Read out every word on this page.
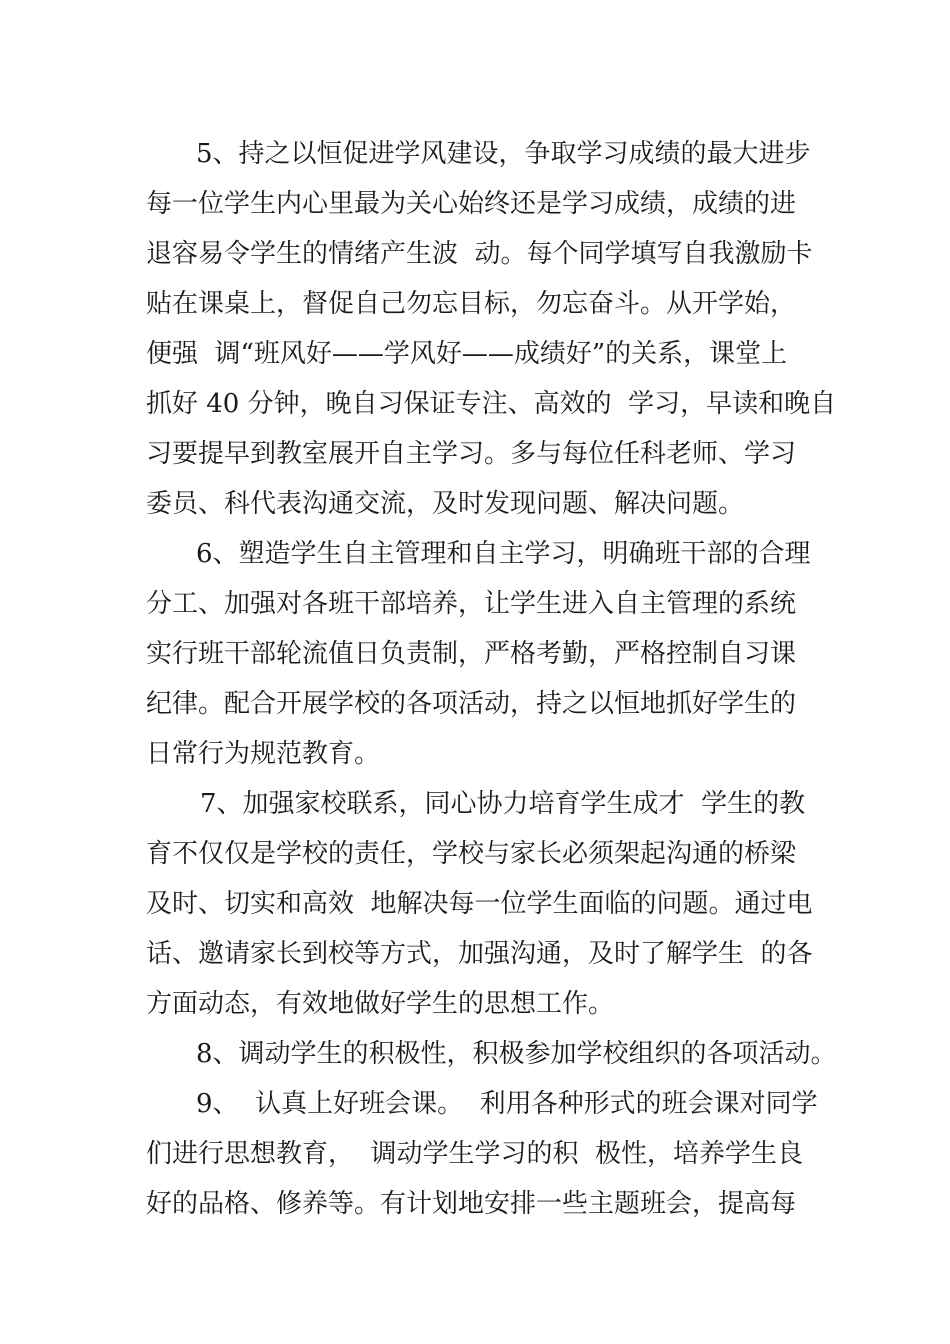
5、持之以恒促进学风建设，争取学习成绩的最大进步

每一位学生内心里最为关心始终还是学习成绩，成绩的进

退容易令学生的情绪产生波  动。每个同学填写自我激励卡

贴在课桌上，督促自己勿忘目标，勿忘奋斗。从开学始，

便强  调“班风好——学风好——成绩好”的关系，课堂上

抓好 40 分钟，晚自习保证专注、高效的  学习，早读和晚自

习要提早到教室展开自主学习。多与每位任科老师、学习

委员、科代表沟通交流，及时发现问题、解决问题。

6、塑造学生自主管理和自主学习，明确班干部的合理

分工、加强对各班干部培养，让学生进入自主管理的系统

实行班干部轮流值日负责制，严格考勤，严格控制自习课

纪律。配合开展学校的各项活动，持之以恒地抓好学生的

日常行为规范教育。

7、加强家校联系，同心协力培育学生成才  学生的教

育不仅仅是学校的责任，学校与家长必须架起沟通的桥梁

及时、切实和高效  地解决每一位学生面临的问题。通过电

话、邀请家长到校等方式，加强沟通，及时了解学生  的各

方面动态，有效地做好学生的思想工作。

8、调动学生的积极性，积极参加学校组织的各项活动。

9、  认真上好班会课。  利用各种形式的班会课对同学

们进行思想教育，  调动学生学习的积  极性，培养学生良

好的品格、修养等。有计划地安排一些主题班会，提高每
